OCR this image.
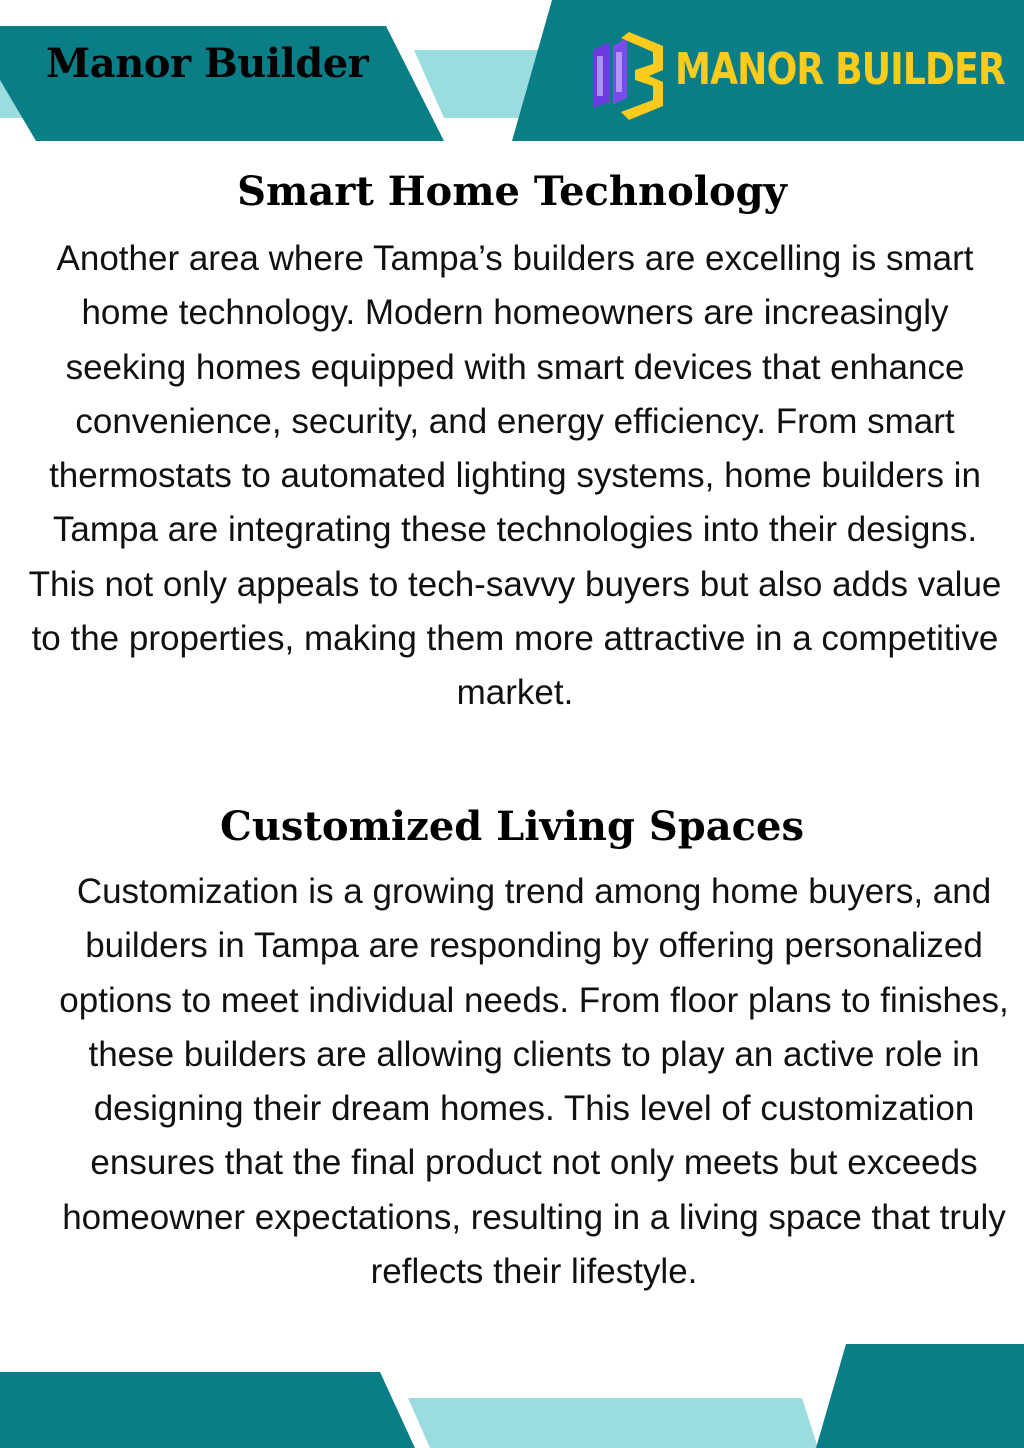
Manor Builder	MANOR BUILDER
Smart Home Technology

Another area where Tampa’s builders are excelling is smart home technology. Modern homeowners are increasingly seeking homes equipped with smart devices that enhance convenience, security, and energy efficiency. From smart thermostats to automated lighting systems, home builders in Tampa are integrating these technologies into their designs. This not only appeals to tech-savvy buyers but also adds value to the properties, making them more attractive in a competitive market.

Customized Living Spaces

Customization is a growing trend among home buyers, and builders in Tampa are responding by offering personalized options to meet individual needs. From floor plans to finishes, these builders are allowing clients to play an active role in designing their dream homes. This level of customization ensures that the final product not only meets but exceeds homeowner expectations, resulting in a living space that truly reflects their lifestyle.
